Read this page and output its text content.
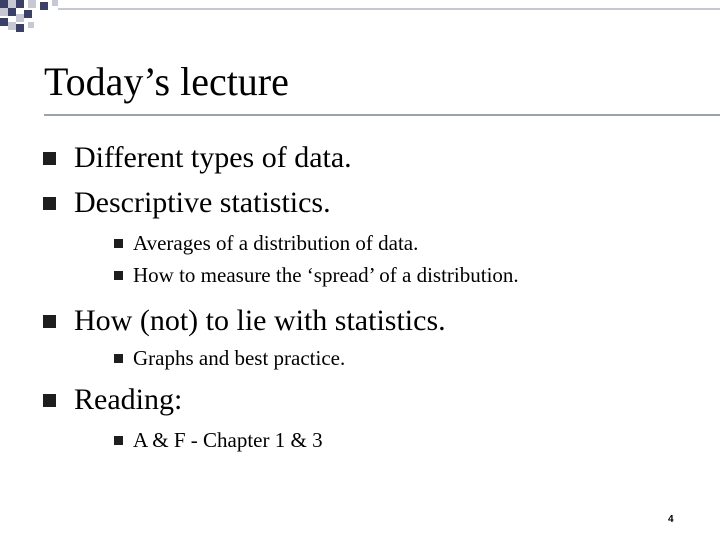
Today’s lecture
Different types of data.
Descriptive statistics.
Averages of a distribution of data.
How to measure the ‘spread’ of a distribution.
How (not) to lie with statistics.
Graphs and best practice.
Reading:
A & F - Chapter 1 & 3
4
